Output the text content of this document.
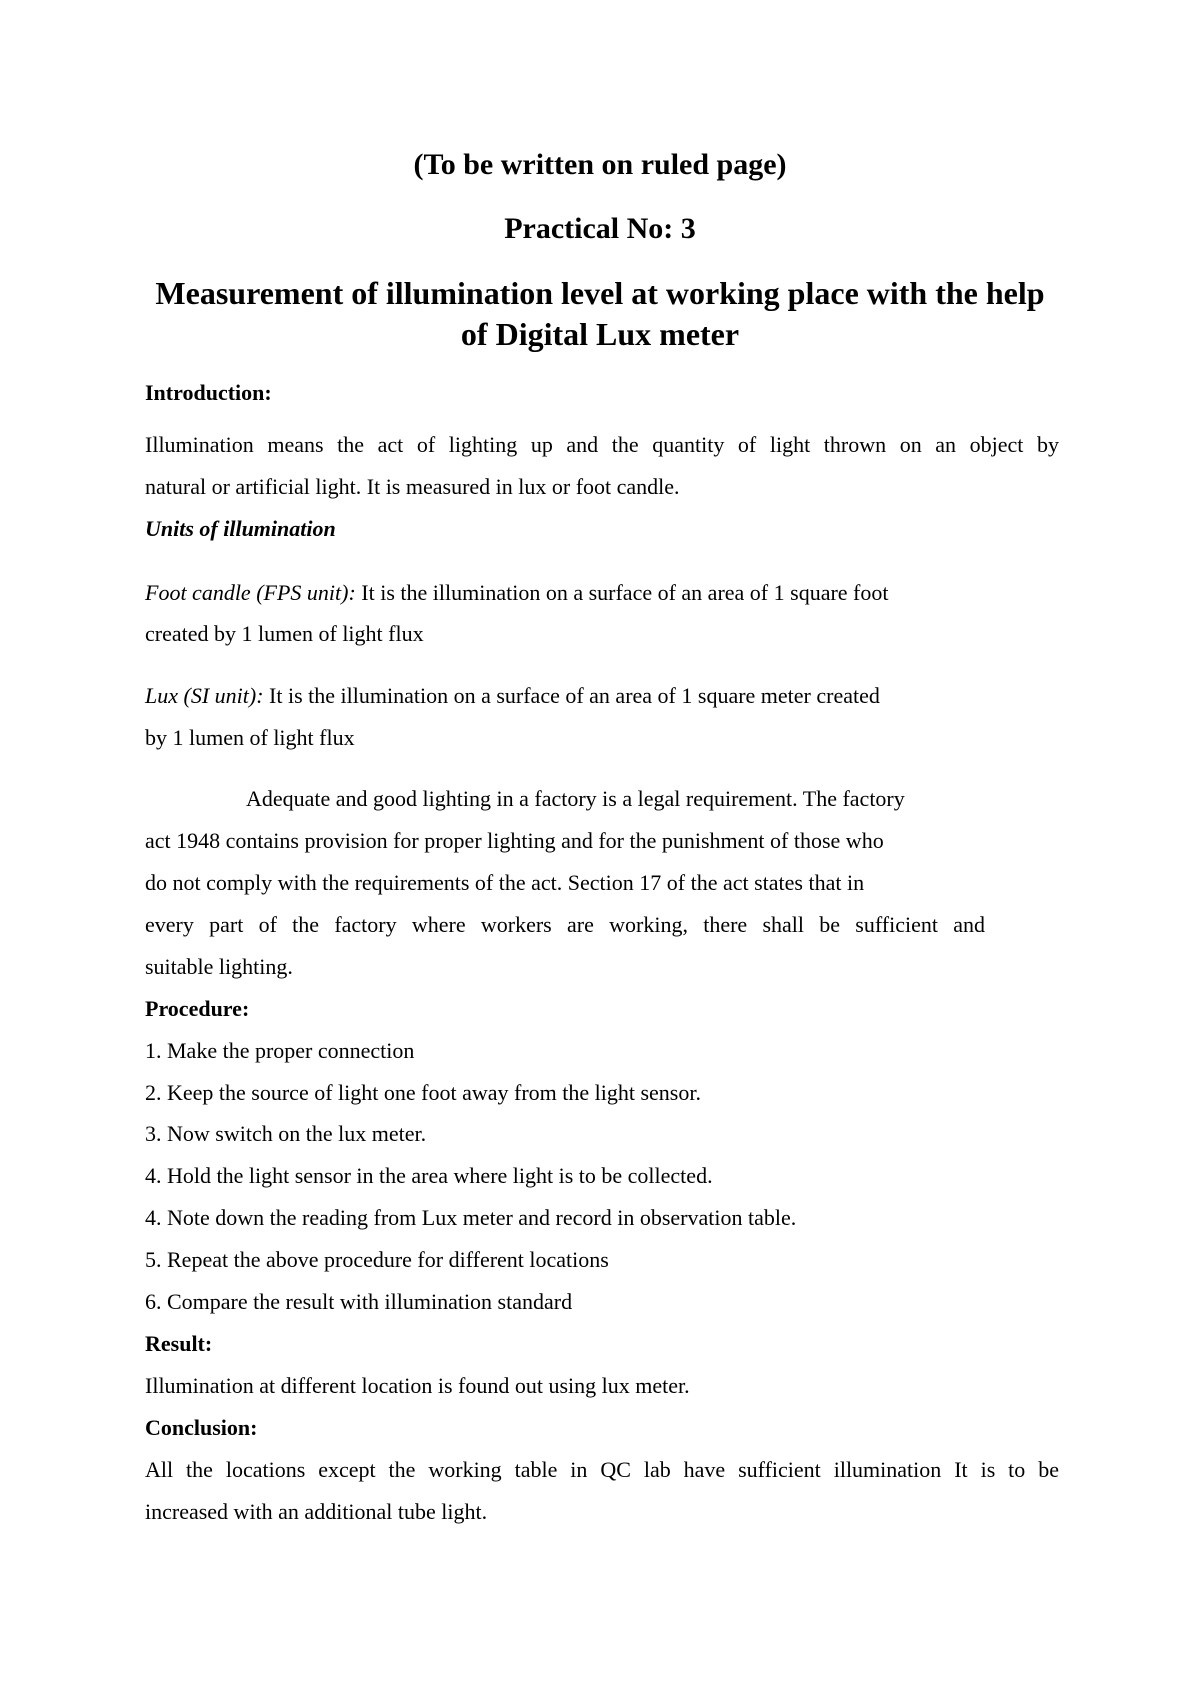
(To be written on ruled page)
Practical No: 3
Measurement of illumination level at working place with the help
of Digital Lux meter
Introduction:
Illumination means the act of lighting up and the quantity of light thrown on an object by
natural or artificial light. It is measured in lux or foot candle.
Units of illumination
Foot candle (FPS unit): It is the illumination on a surface of an area of 1 square foot
created by 1 lumen of light flux
Lux (SI unit): It is the illumination on a surface of an area of 1 square meter created
by 1 lumen of light flux
Adequate and good lighting in a factory is a legal requirement. The factory
act 1948 contains provision for proper lighting and for the punishment of those who
do not comply with the requirements of the act. Section 17 of the act states that in
every part of the factory where workers are working, there shall be sufficient and
suitable lighting.
Procedure:
1. Make the proper connection
2. Keep the source of light one foot away from the light sensor.
3. Now switch on the lux meter.
4. Hold the light sensor in the area where light is to be collected.
4. Note down the reading from Lux meter and record in observation table.
5. Repeat the above procedure for different locations
6. Compare the result with illumination standard
Result:
Illumination at different location is found out using lux meter.
Conclusion:
All the locations except the working table in QC lab have sufficient illumination It is to be
increased with an additional tube light.
